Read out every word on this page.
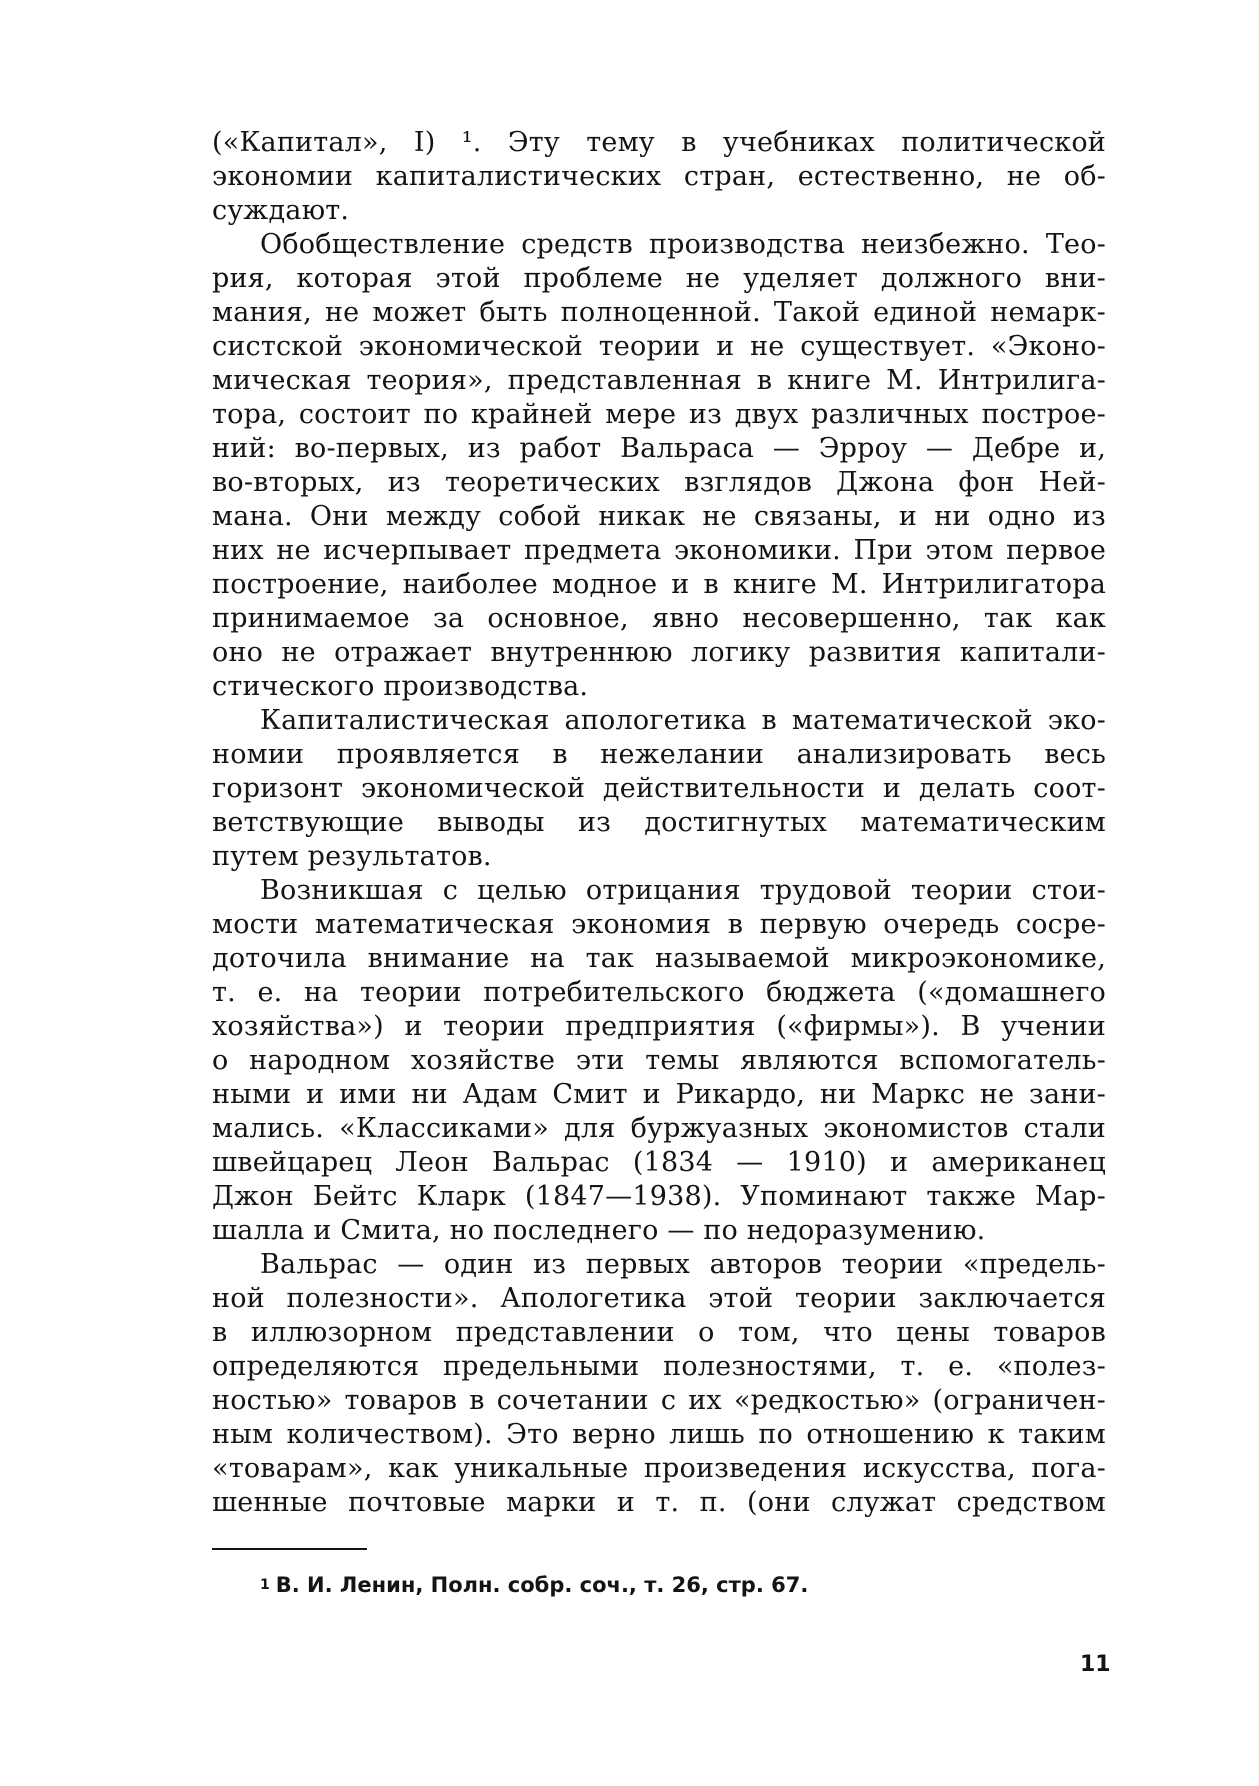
(«Капитал», I) ¹. Эту тему в учебниках политической
экономии капиталистических стран, естественно, не об-
суждают.
Обобществление средств производства неизбежно. Тео-
рия, которая этой проблеме не уделяет должного вни-
мания, не может быть полноценной. Такой единой немарк-
систской экономической теории и не существует. «Эконо-
мическая теория», представленная в книге М. Интрилига-
тора, состоит по крайней мере из двух различных построе-
ний: во-первых, из работ Вальраса — Эрроу — Дебре и,
во-вторых, из теоретических взглядов Джона фон Ней-
мана. Они между собой никак не связаны, и ни одно из
них не исчерпывает предмета экономики. При этом первое
построение, наиболее модное и в книге М. Интрилигатора
принимаемое за основное, явно несовершенно, так как
оно не отражает внутреннюю логику развития капитали-
стического производства.
Капиталистическая апологетика в математической эко-
номии проявляется в нежелании анализировать весь
горизонт экономической действительности и делать соот-
ветствующие выводы из достигнутых математическим
путем результатов.
Возникшая с целью отрицания трудовой теории стои-
мости математическая экономия в первую очередь сосре-
доточила внимание на так называемой микроэкономике,
т. е. на теории потребительского бюджета («домашнего
хозяйства») и теории предприятия («фирмы»). В учении
о народном хозяйстве эти темы являются вспомогатель-
ными и ими ни Адам Смит и Рикардо, ни Маркс не зани-
мались. «Классиками» для буржуазных экономистов стали
швейцарец Леон Вальрас (1834 — 1910) и американец
Джон Бейтс Кларк (1847—1938). Упоминают также Мар-
шалла и Смита, но последнего — по недоразумению.
Вальрас — один из первых авторов теории «предель-
ной полезности». Апологетика этой теории заключается
в иллюзорном представлении о том, что цены товаров
определяются предельными полезностями, т. е. «полез-
ностью» товаров в сочетании с их «редкостью» (ограничен-
ным количеством). Это верно лишь по отношению к таким
«товарам», как уникальные произведения искусства, пога-
шенные почтовые марки и т. п. (они служат средством
$^1$ В. И. Ленин, Полн. собр. соч., т. 26, стр. 67.
11
